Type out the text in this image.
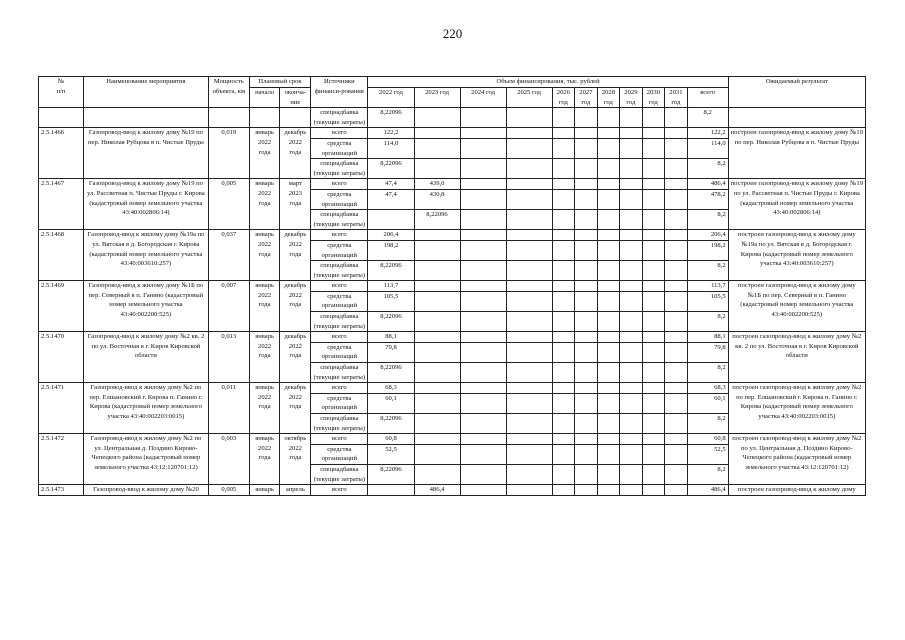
220
№
п/п	Наименование мероприятия	Мощность объекта, км	Плановый срок		Источники финанси-рования	Объем финансирования, тыс. рублей											Ожидаемый результат
			начало	оконча-ние		2022 год	2023 год	2024 год	2025 год	2026 год	2027 год	2028 год	2029 год	2030 год	2031 год	всего	

					спецнадбавка (текущие затраты)	8,22096										8,2	
2.5.1466	Газопровод-ввод к жилому дому №19 по пер. Николая Рубцова в п. Чистые Пруды	0,019	январь 2022 года	декабрь 2022 года	всего	122,2										122,2	построен газопровод-ввод к жилому дому №19 по пер. Николая Рубцова в п. Чистые Пруды
					средства организаций	114,0										114,0	
					спецнадбавка (текущие затраты)	8,22096										8,2	
2.5.1467	Газопровод-ввод к жилому дому №19 по ул. Рассветная п. Чистые Пруды г. Кирова (кадастровый номер земельного участка 43:40:002806:14)	0,005	январь 2022 года	март 2023 года	всего	47,4	439,0									486,4	построен газопровод-ввод к жилому дому №19 по ул. Рассветная п. Чистые Пруды г. Кирова (кадастровый номер земельного участка 43:40:002806:14)
					средства организаций	47,4	430,8									478,2	
					спецнадбавка (текущие затраты)		8,22096									8,2	
2.5.1468	Газопровод-ввод к жилому дому №19а по ул. Вятская в д. Богородская г. Кирова (кадастровый номер земельного участка 43:40:003610:257)	0,037	январь 2022 года	декабрь 2022 года	всего	206,4										206,4	построен газопровод-ввод к жилому дому №19а по ул. Вятская в д. Богородская г. Кирова (кадастровый номер земельного участка 43:40:003610:257)
					средства организаций	198,2										198,2	
					спецнадбавка (текущие затраты)	8,22096										8,2	
2.5.1469	Газопровод-ввод к жилому дому №1Б по пер. Северный в п. Ганино (кадастровый номер земельного участка 43:40:002200:525)	0,007	январь 2022 года	декабрь 2022 года	всего	113,7										113,7	построен газопровод-ввод к жилому дому №1Б по пер. Северный в п. Ганино (кадастровый номер земельного участка 43:40:002200:525)
					средства организаций	105,5										105,5	
					спецнадбавка (текущие затраты)	8,22096										8,2	
2.5.1470	Газопровод-ввод к жилому дому №2 кв. 2 по ул. Восточная в г. Киров Кировской области	0,013	январь 2022 года	декабрь 2022 года	всего	88,1										88,1	построен газопровод-ввод к жилому дому №2 кв. 2 по ул. Восточная в г. Киров Кировской области
					средства организаций	79,8										79,8	
					спецнадбавка (текущие затраты)	8,22096										8,2	
2.5.1471	Газопровод-ввод к жилому дому №2 по пер. Елшановский г. Кирова п. Ганино г. Кирова (кадастровый номер земельного участка 43:40:002203:0015)	0,011	январь 2022 года	декабрь 2022 года	всего	68,3										68,3	построен газопровод-ввод к жилому дому №2 по пер. Елшановский г. Кирова п. Ганино г. Кирова (кадастровый номер земельного участка 43:40:002203:0015)
					средства организаций	60,1										60,1	
					спецнадбавка (текущие затраты)	8,22096										8,2	
2.5.1472	Газопровод-ввод к жилому дому №2 по ул. Центральная д. Поздино Кирово-Чепецкого района (кадастровый номер земельного участка 43:12:120701:12)	0,003	январь 2022 года	октябрь 2022 года	всего	60,8										60,8	построен газопровод-ввод к жилому дому №2 по ул. Центральная д. Поздино Кирово-Чепецкого района (кадастровый номер земельного участка 43:12:120701:12)
					средства организаций	52,5										52,5	
					спецнадбавка (текущие затраты)	8,22096										8,2	
2.5.1473	Газопровод-ввод к жилому дому №20	0,005	январь	апрель	всего		486,4									486,4	построен газопровод-ввод к жилому дому
